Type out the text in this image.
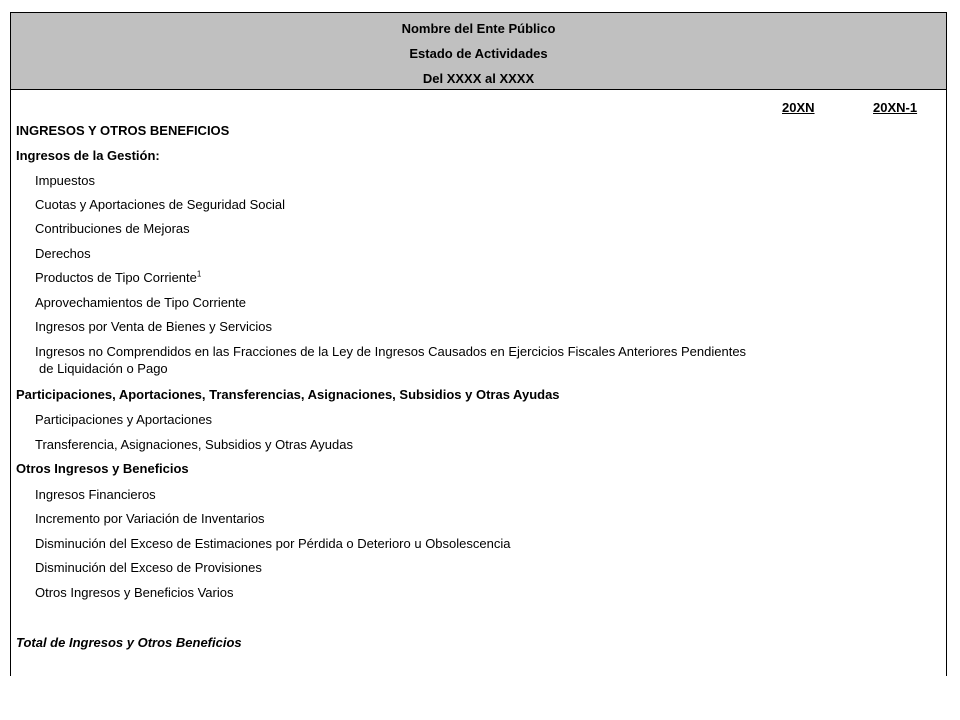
Nombre del Ente Público
Estado de Actividades
Del XXXX al XXXX
20XN	20XN-1
INGRESOS Y OTROS BENEFICIOS
Ingresos de la Gestión:
Impuestos
Cuotas y Aportaciones de Seguridad Social
Contribuciones de Mejoras
Derechos
Productos de Tipo Corriente$^1$
Aprovechamientos de Tipo Corriente
Ingresos por Venta de Bienes y Servicios
Ingresos no Comprendidos en las Fracciones de la Ley de Ingresos Causados en Ejercicios Fiscales Anteriores Pendientes
de Liquidación o Pago
Participaciones, Aportaciones, Transferencias, Asignaciones, Subsidios y Otras Ayudas
Participaciones y Aportaciones
Transferencia, Asignaciones, Subsidios y Otras Ayudas
Otros Ingresos y Beneficios
Ingresos Financieros
Incremento por Variación de Inventarios
Disminución del Exceso de Estimaciones por Pérdida o Deterioro u Obsolescencia
Disminución del Exceso de Provisiones
Otros Ingresos y Beneficios Varios
Total de Ingresos y Otros Beneficios
